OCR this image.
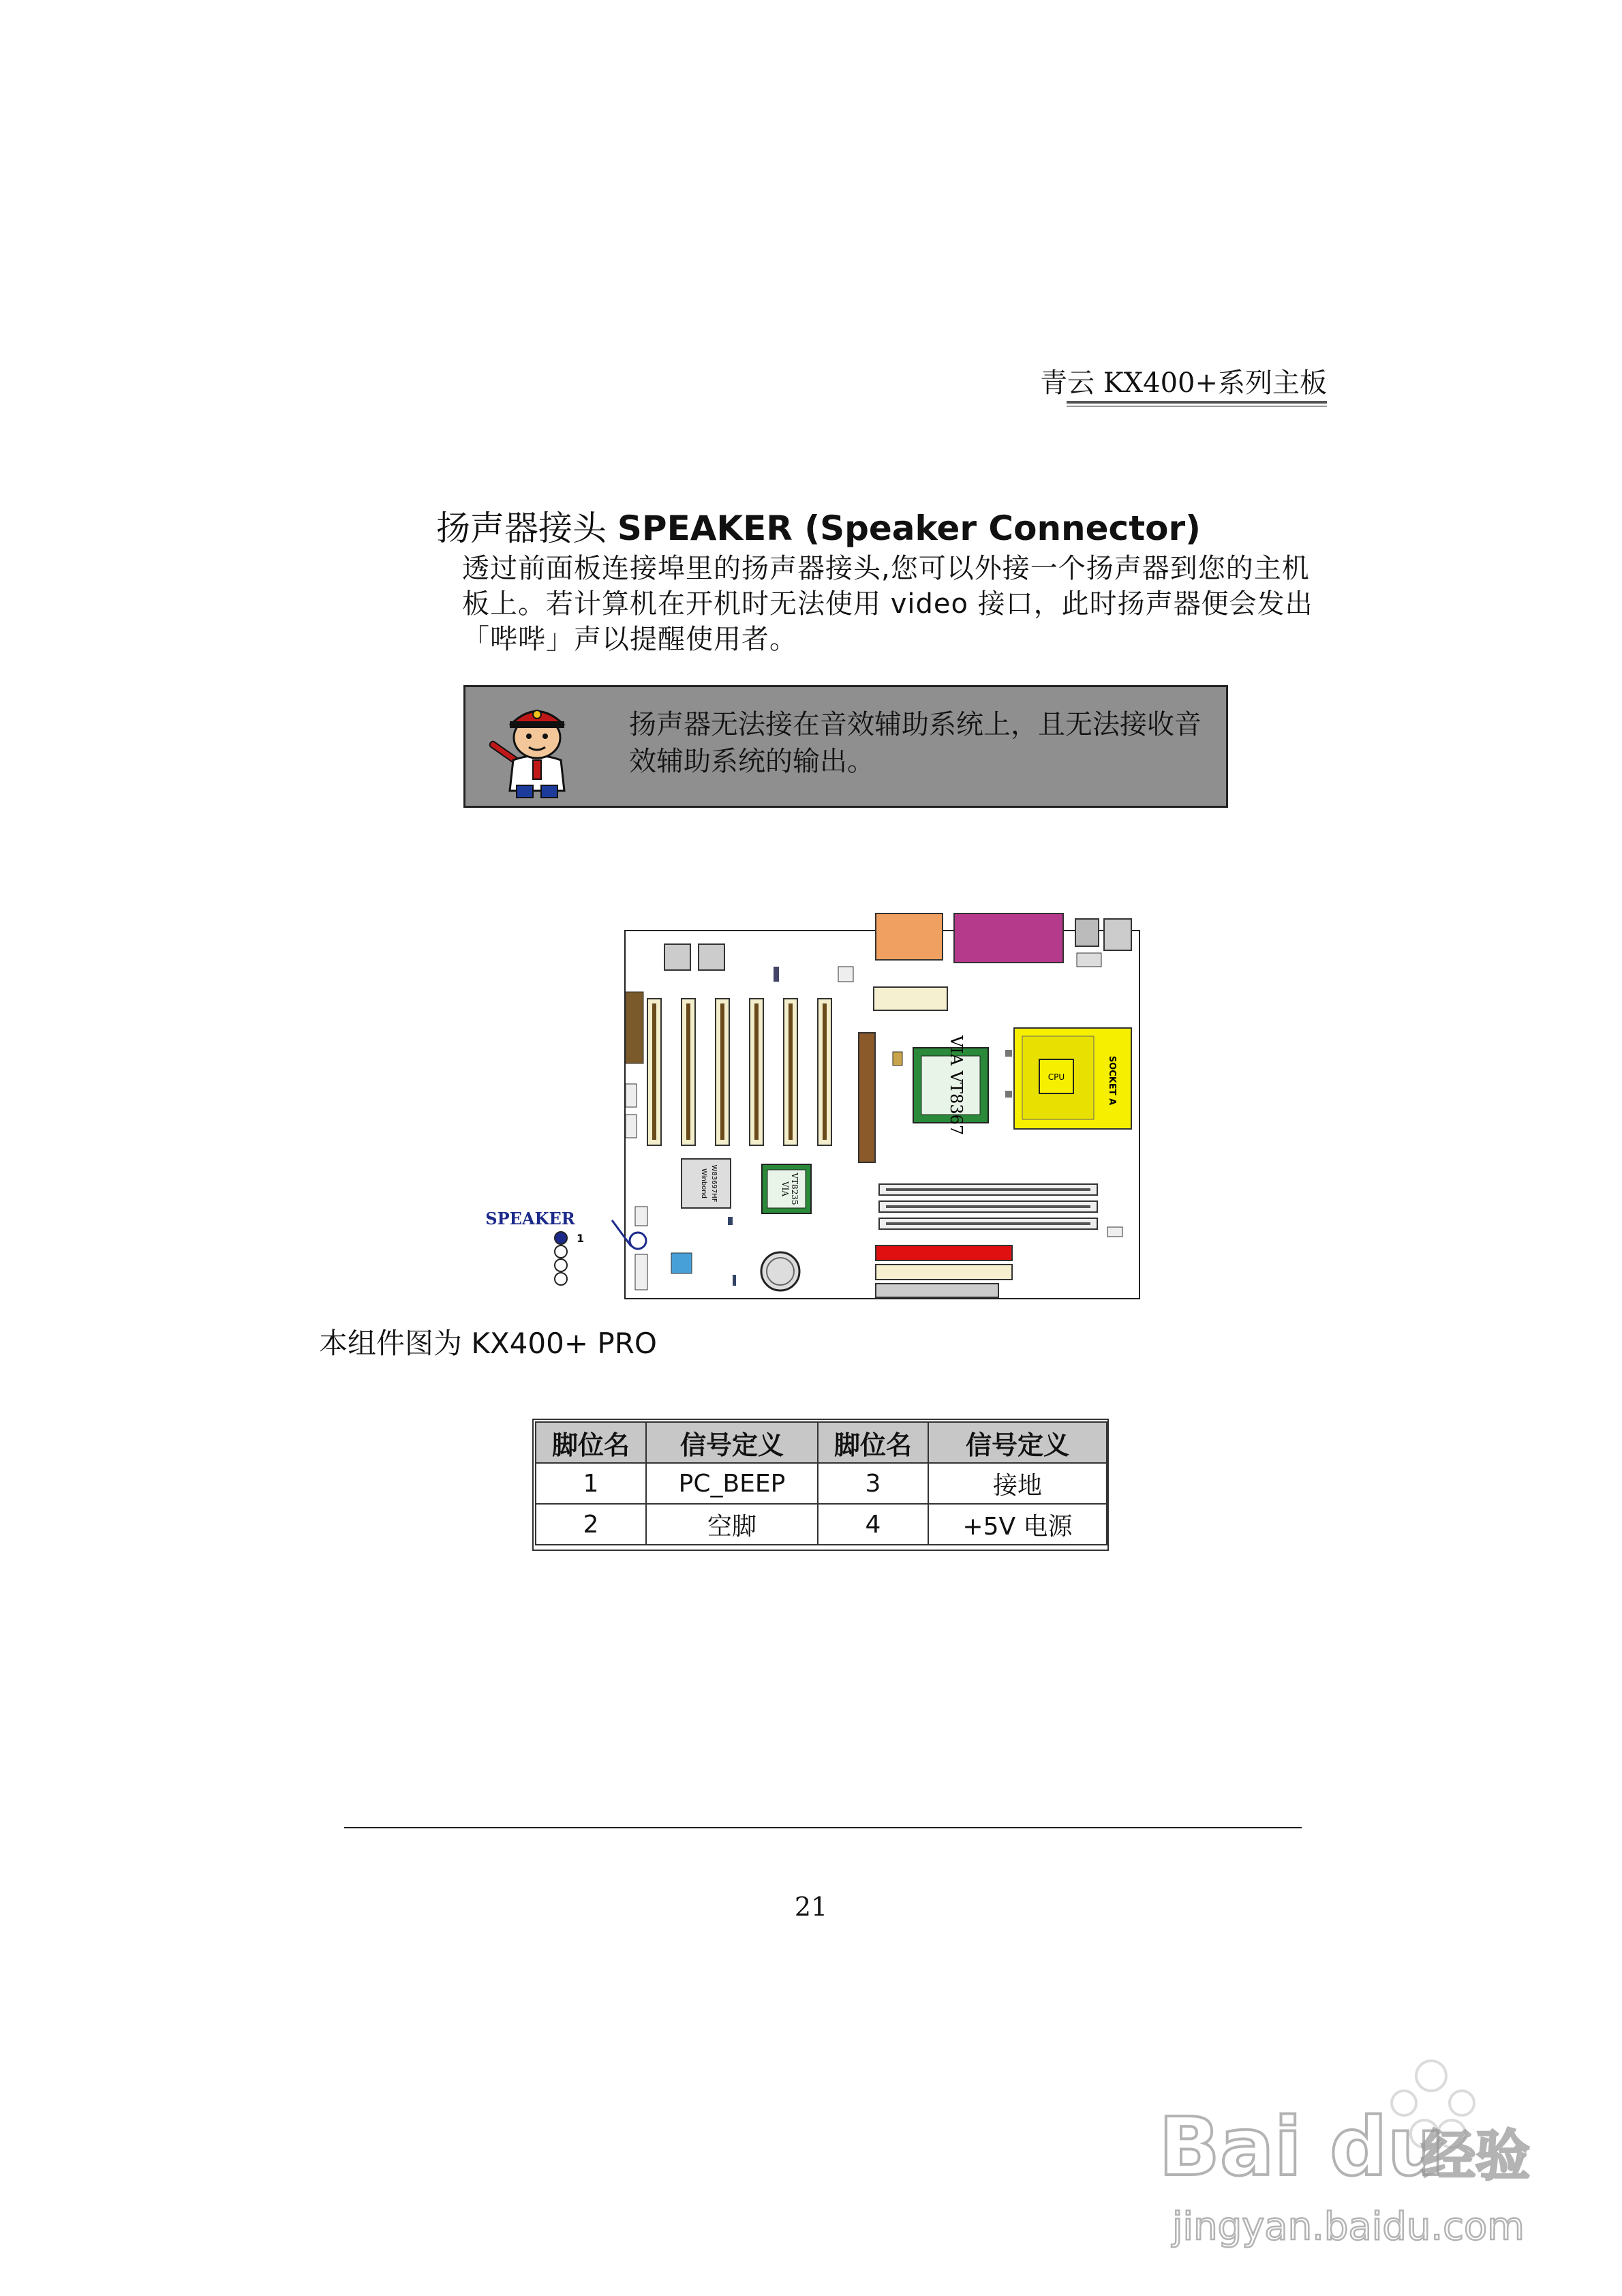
青云 KX400+系列主板
扬声器接头 SPEAKER (Speaker Connector)
透过前面板连接埠里的扬声器接头,您可以外接一个扬声器到您的主机板上。若计算机在开机时无法使用 video 接口，此时扬声器便会发出「哔哔」声以提醒使用者。
扬声器无法接在音效辅助系统上，且无法接收音效辅助系统的输出。
VIA VT8367	CPU	SOCKET A
Winbond W83697HF	VIA VT8235
SPEAKER
1
本组件图为 KX400+ PRO
脚位名	信号定义	脚位名	信号定义
1	PC_BEEP	3	接地
2	空脚	4	+5V 电源
21
Bai du
经验
jingyan.baidu.com
